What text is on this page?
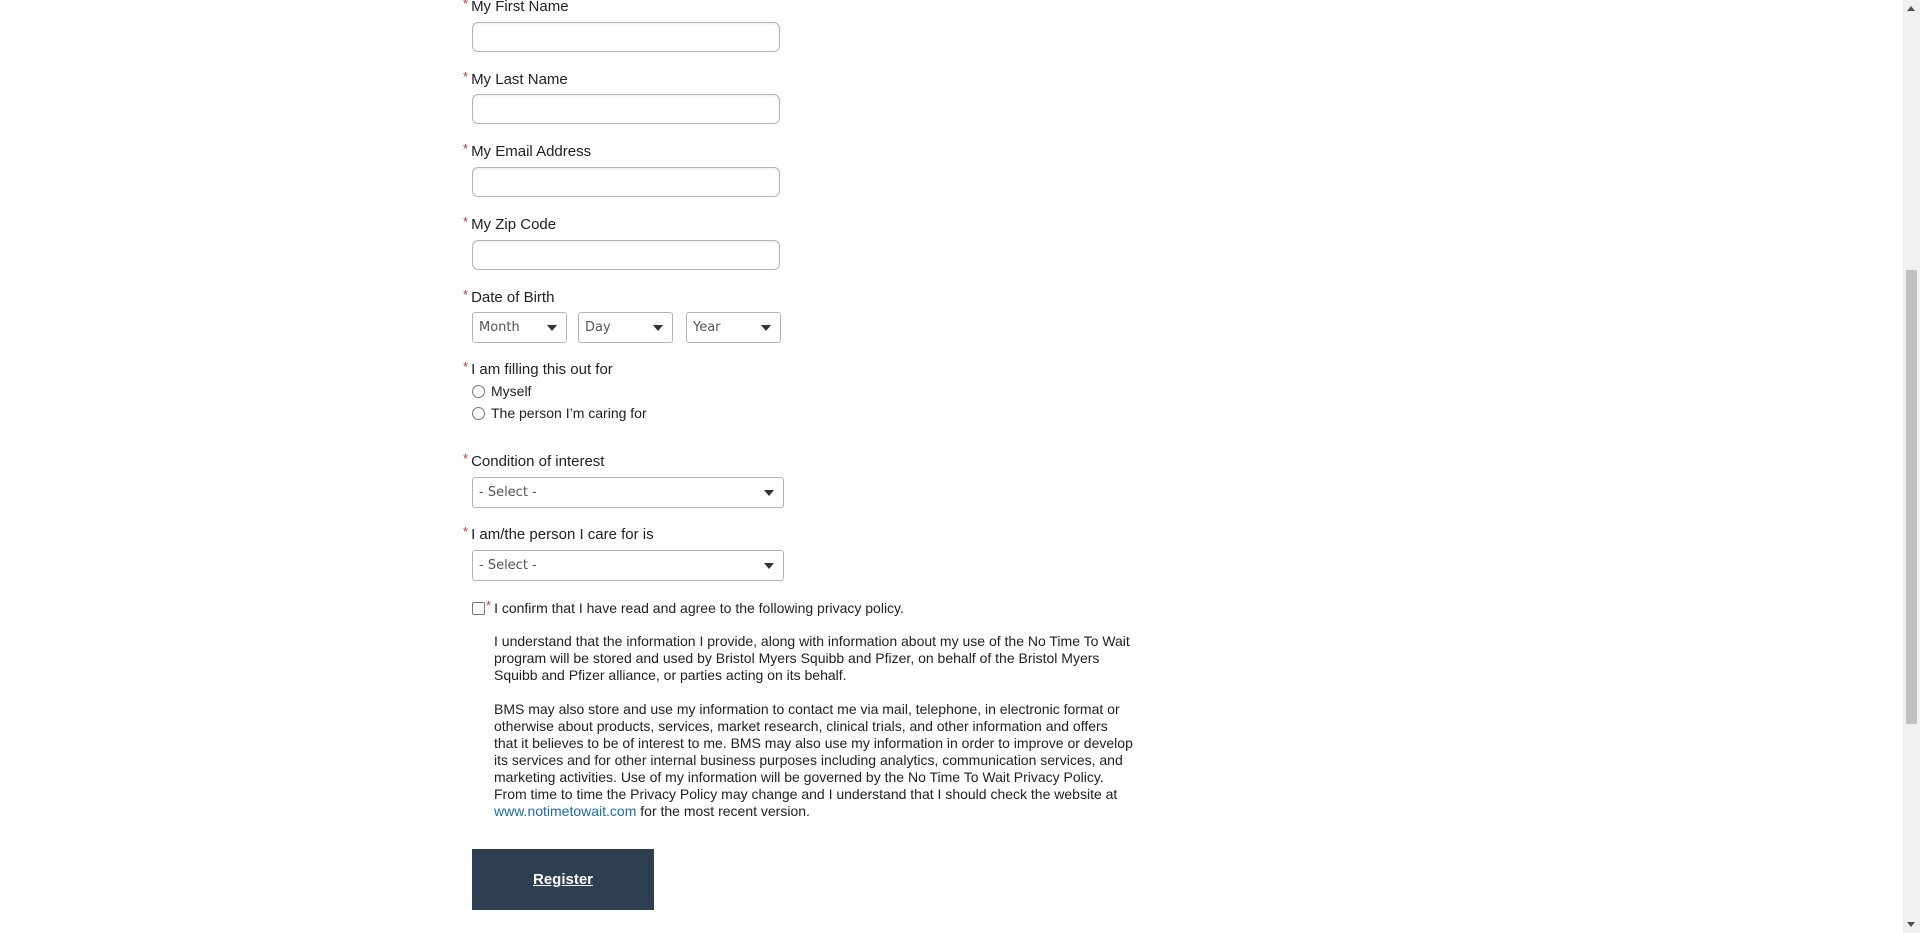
* My First Name
* My Last Name
* My Email Address
* My Zip Code
* Date of Birth
Month	Day	Year
* I am filling this out for
Myself
The person I’m caring for
* Condition of interest
- Select -
* I am/the person I care for is
- Select -
* I confirm that I have read and agree to the following privacy policy.

I understand that the information I provide, along with information about my use of the No Time To Wait program will be stored and used by Bristol Myers Squibb and Pfizer, on behalf of the Bristol Myers Squibb and Pfizer alliance, or parties acting on its behalf.

BMS may also store and use my information to contact me via mail, telephone, in electronic format or otherwise about products, services, market research, clinical trials, and other information and offers that it believes to be of interest to me. BMS may also use my information in order to improve or develop its services and for other internal business purposes including analytics, communication services, and marketing activities. Use of my information will be governed by the No Time To Wait Privacy Policy. From time to time the Privacy Policy may change and I understand that I should check the website at www.notimetowait.com for the most recent version.

Register
